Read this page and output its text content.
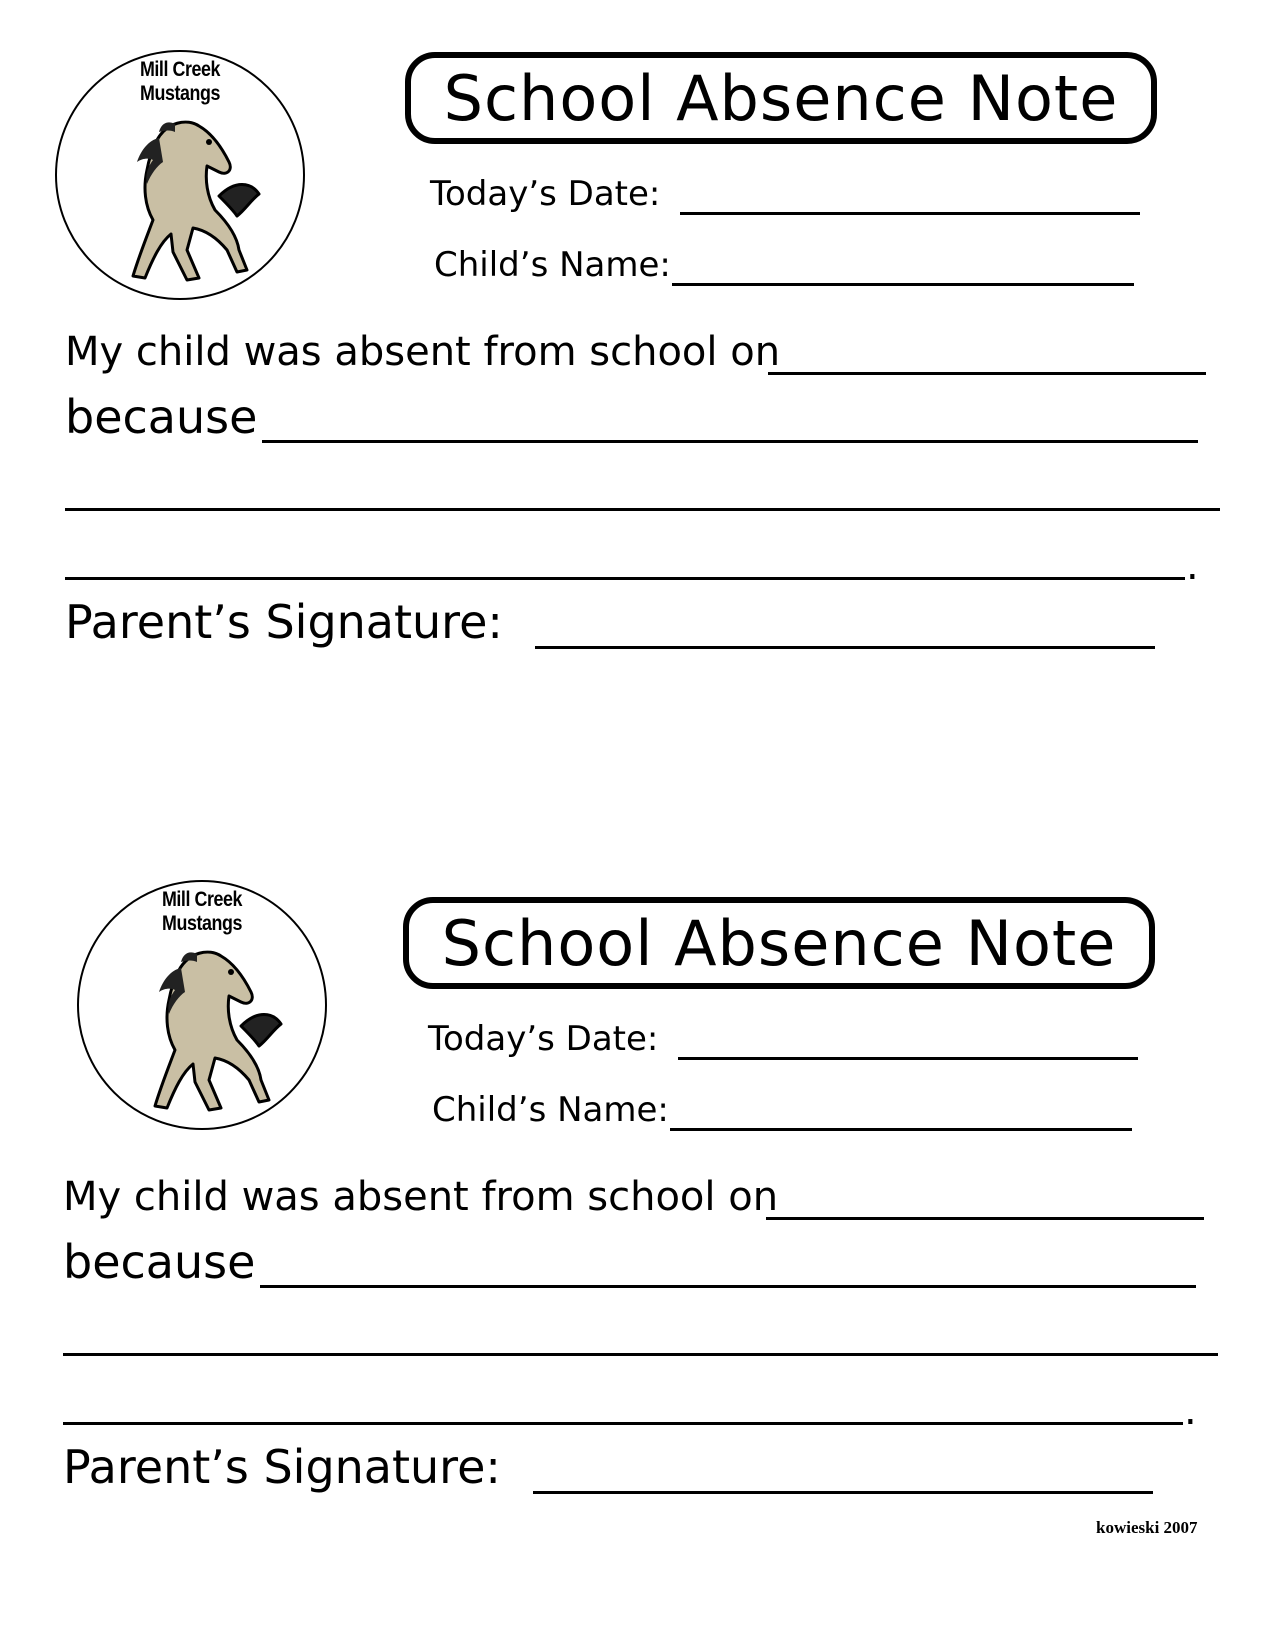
Mill Creek
Mustangs	School Absence Note
Today’s Date:
Child’s Name:
My child was absent from school on
because
.
Parent’s Signature:
Mill Creek
Mustangs	School Absence Note
Today’s Date:
Child’s Name:
My child was absent from school on
because
.
Parent’s Signature:
kowieski 2007
